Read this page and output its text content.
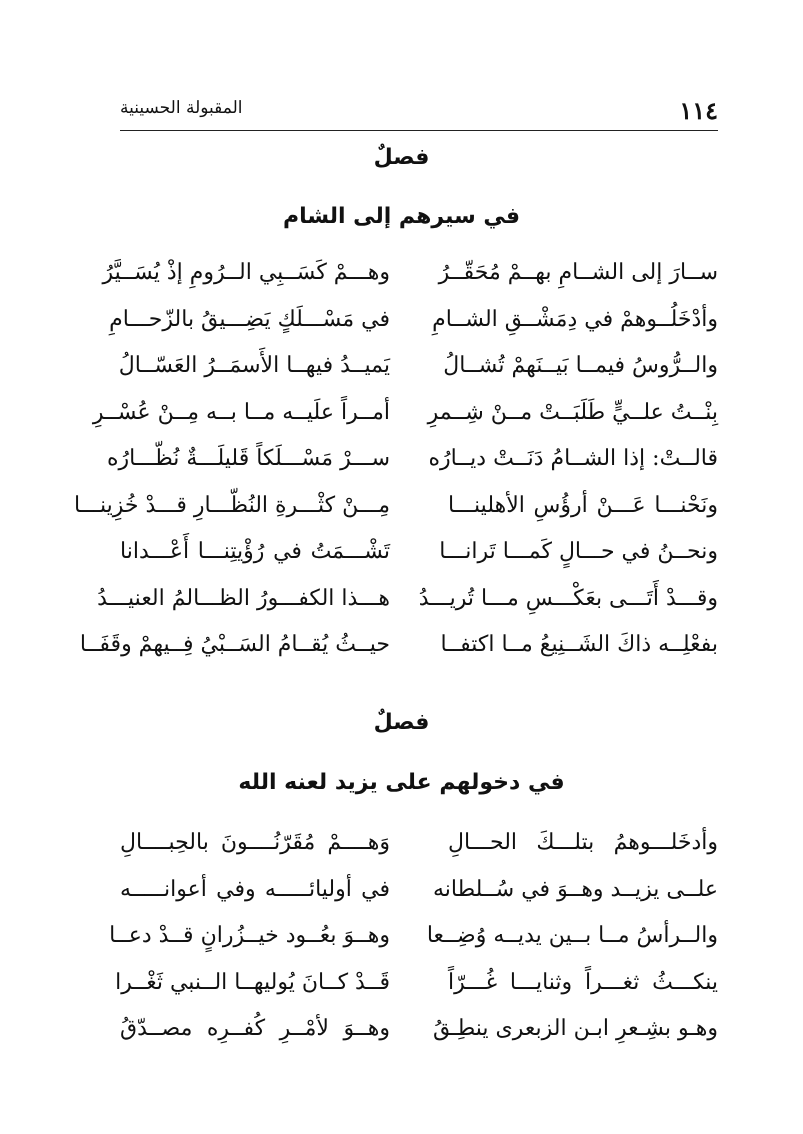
١١٤
المقبولة الحسينية
فصلٌ
في سيرهم إلى الشام
ســارَ إلى الشــامِ بهــمْ مُحَقّــرُ
وهـــمْ كَسَــبِي الــرُومِ إذْ يُسَــيَّرُ
وأدْخَلُــوهمْ في دِمَشْــقِ الشــامِ
في مَسْـــلَكٍ يَضِـــيقُ بالزّحـــامِ
والــرُّوسُ فيمــا بَيــنَهمْ تُشــالُ
يَميــدُ فيهــا الأَسمَــرُ العَسّــالُ
بِنْــتُ علــيٍّ طَلَبَــتْ مــنْ شِــمرِ
أمــراً علَيــه مــا بــه مِــنْ عُسْــرِ
قالــتْ: إذا الشــامُ دَنَــتْ ديــارُه
ســـرْ مَسْـــلَكاً قَليلَـــةٌ نُظّـــارُه
ونَحْنـــا عَـــنْ أرؤُسِ الأهلينـــا
مِـــنْ كثْـــرةِ النُظّـــارِ قـــدْ خُزِينـــا
ونحــنُ في حـــالٍ كَمـــا تَرانـــا
تَشْـــمَتُ في رُؤْيتِنـــا أَعْـــدانا
وقـــدْ أَتَـــى بعَكْـــسِ مـــا تُريـــدُ
هـــذا الكفـــورُ الظـــالمُ العنيـــدُ
بفعْلِــه ذاكَ الشَــنِيعُ مــا اكتفــا
حيــثُ يُقــامُ السَــبْيُ فِــيهمْ وقَفَــا
فصلٌ
في دخولهم على يزيد لعنه الله
وأدخَلـــوهمُ بتلـــكَ الحـــالِ
وَهــــمْ مُقَرّنُــــونَ بالحِبــــالِ
علــى يزيــد وهــوَ في سُــلطانه
في أوليائـــــه وفي أعوانـــــه
والــرأسُ مــا بــين يديــه وُضِــعا
وهــوَ بعُــود خيــزُرانٍ قــدْ دعــا
ينكـــثُ ثغـــراً وثنايـــا غُـــرّاً
قَــدْ كــانَ يُوليهــا الــنبي ثَغْــرا
وهـو بشِـعرِ ابـن الزبعرى ينطِـقُ
وهــوَ لأمْــرِ كُفــرِه مصــدّقُ
